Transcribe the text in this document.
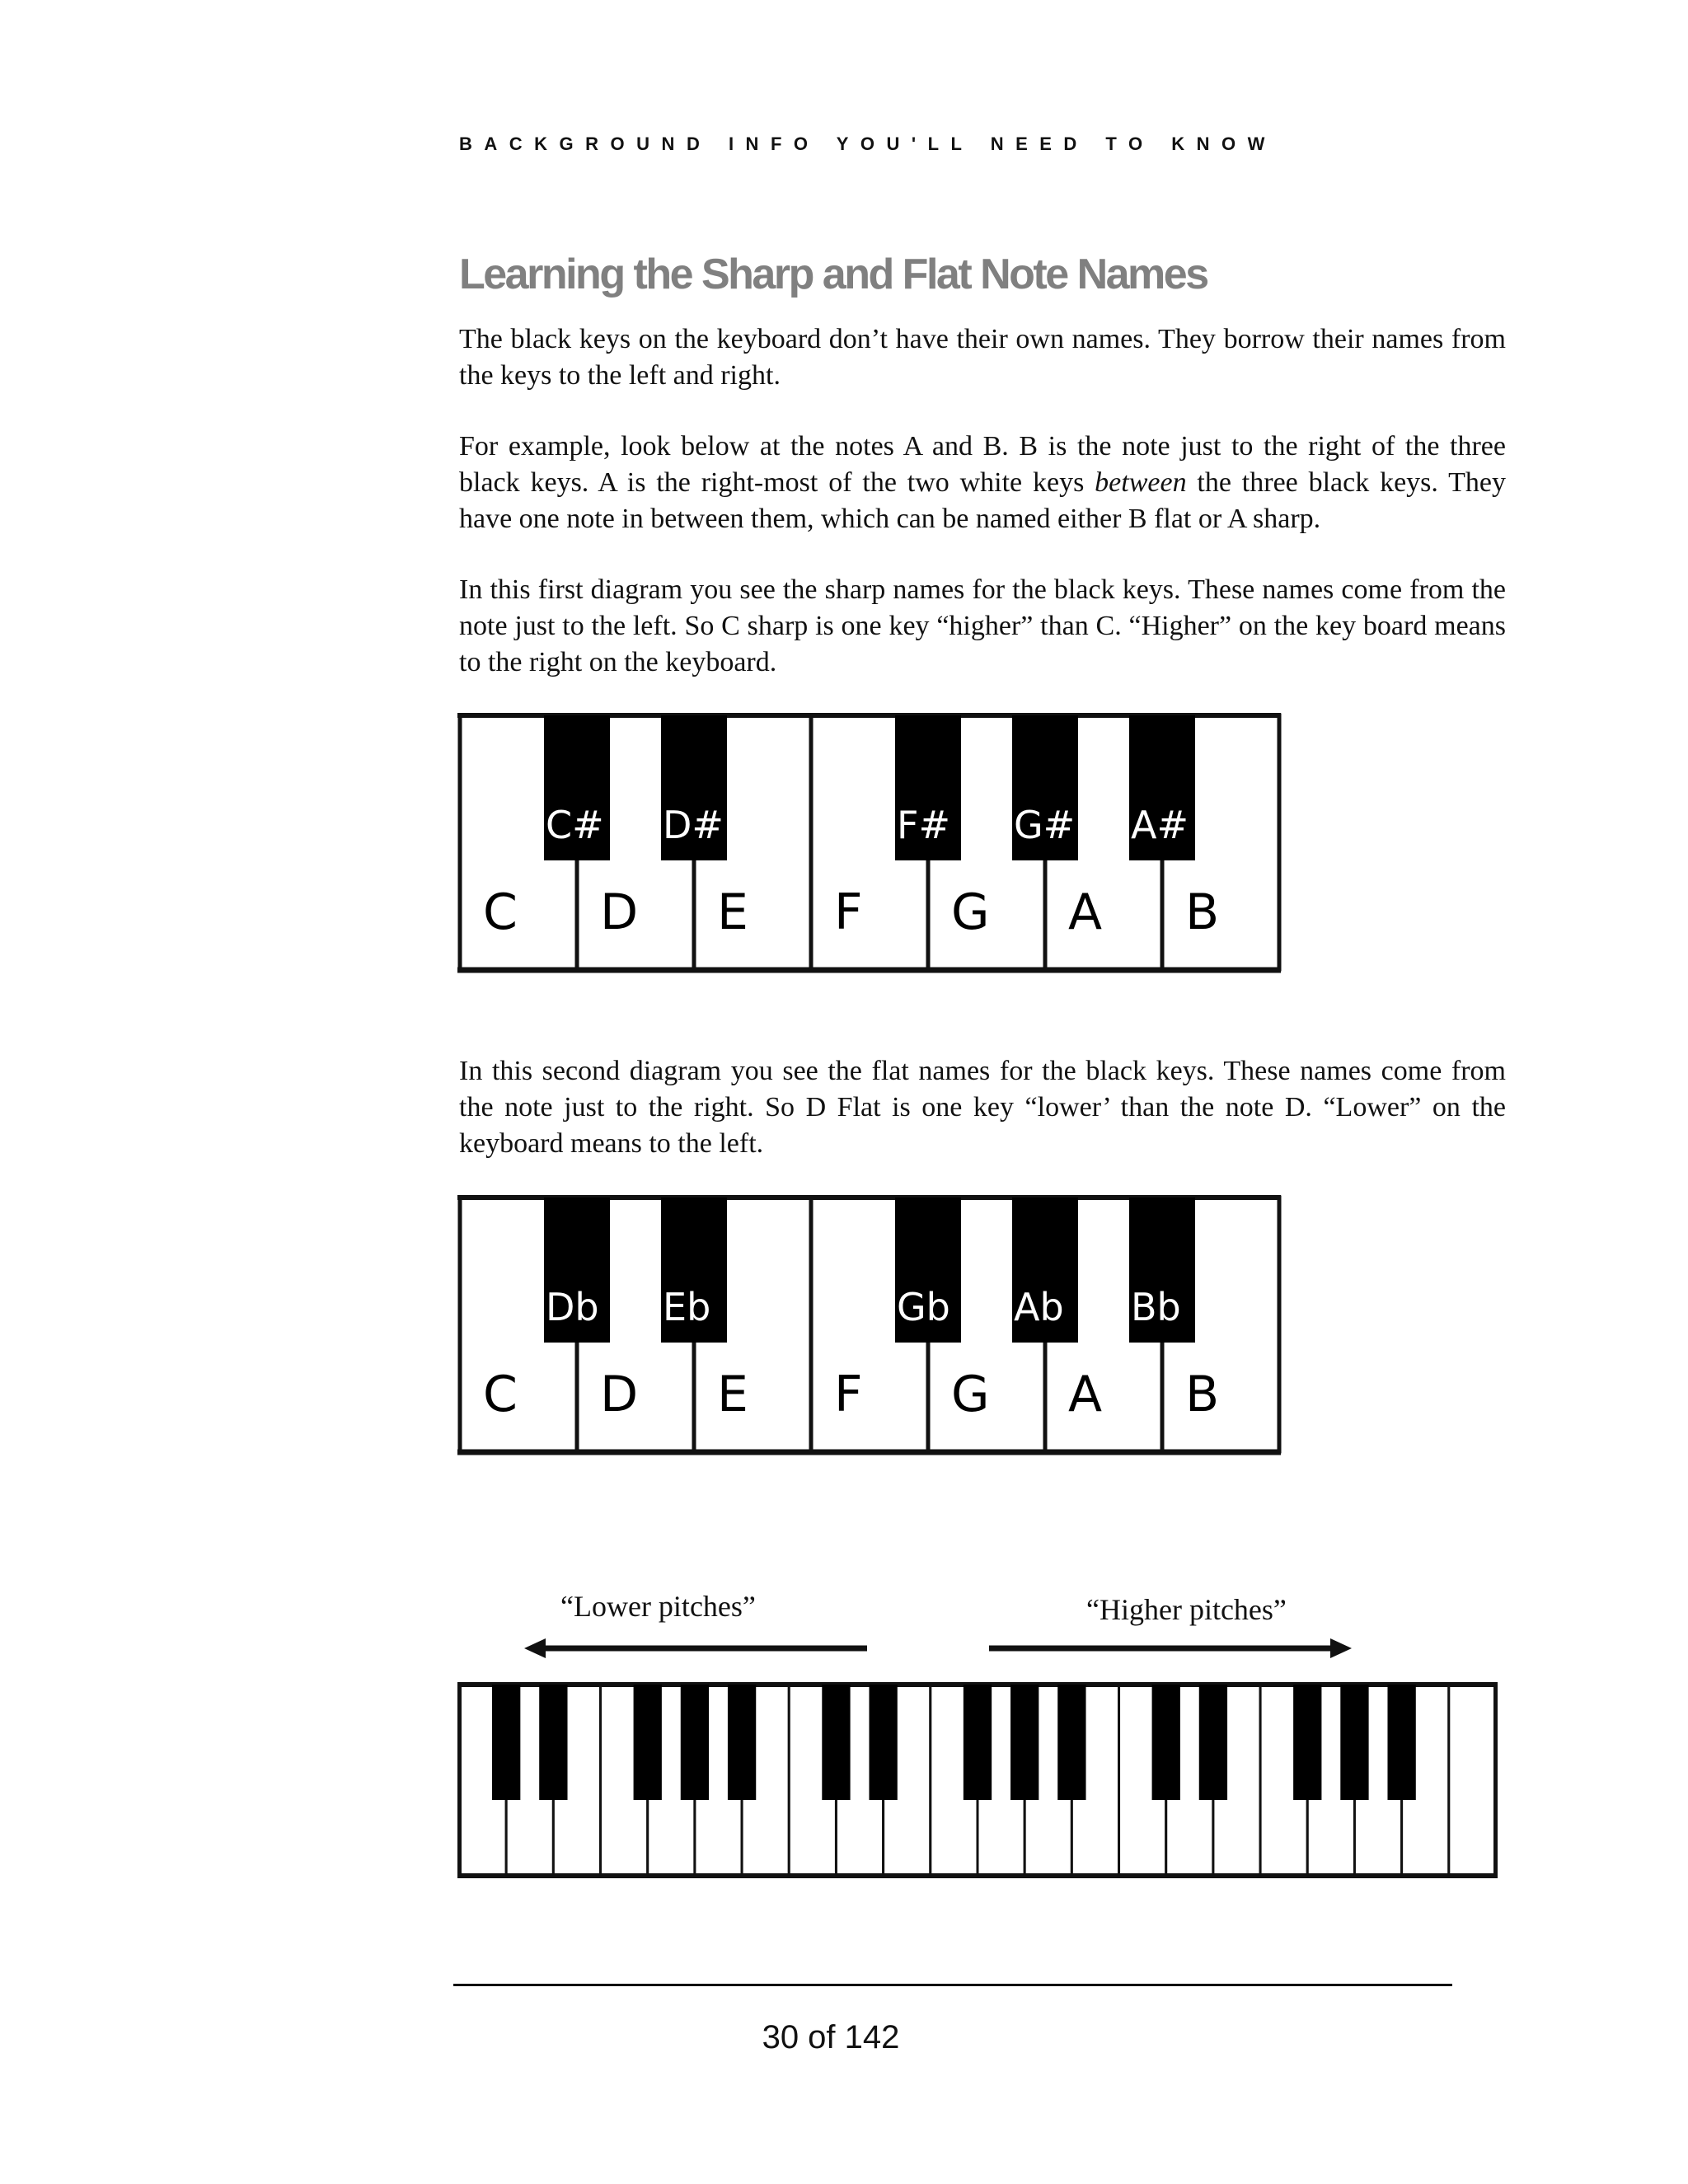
BACKGROUND INFO YOU'LL NEED TO KNOW
Learning the Sharp and Flat Note Names

The black keys on the keyboard don’t have their own names. They borrow their names from the keys to the left and right.

For example, look below at the notes A and B. B is the note just to the right of the three black keys. A is the right-most of the two white keys between the three black keys. They have one note in between them, which can be named either B flat or A sharp.

In this first diagram you see the sharp names for the black keys. These names come from the note just to the left. So C sharp is one key “higher” than C. “Higher” on the key board means to the right on the keyboard.

C# D#	F# G# A#
C D E F G A B

In this second diagram you see the flat names for the black keys. These names come from the note just to the right. So D Flat is one key “lower’ than the note D. “Lower” on the keyboard means to the left.

Db Eb	Gb Ab Bb
C D E F G A B
“Lower pitches”	“Higher pitches”
30 of 142
